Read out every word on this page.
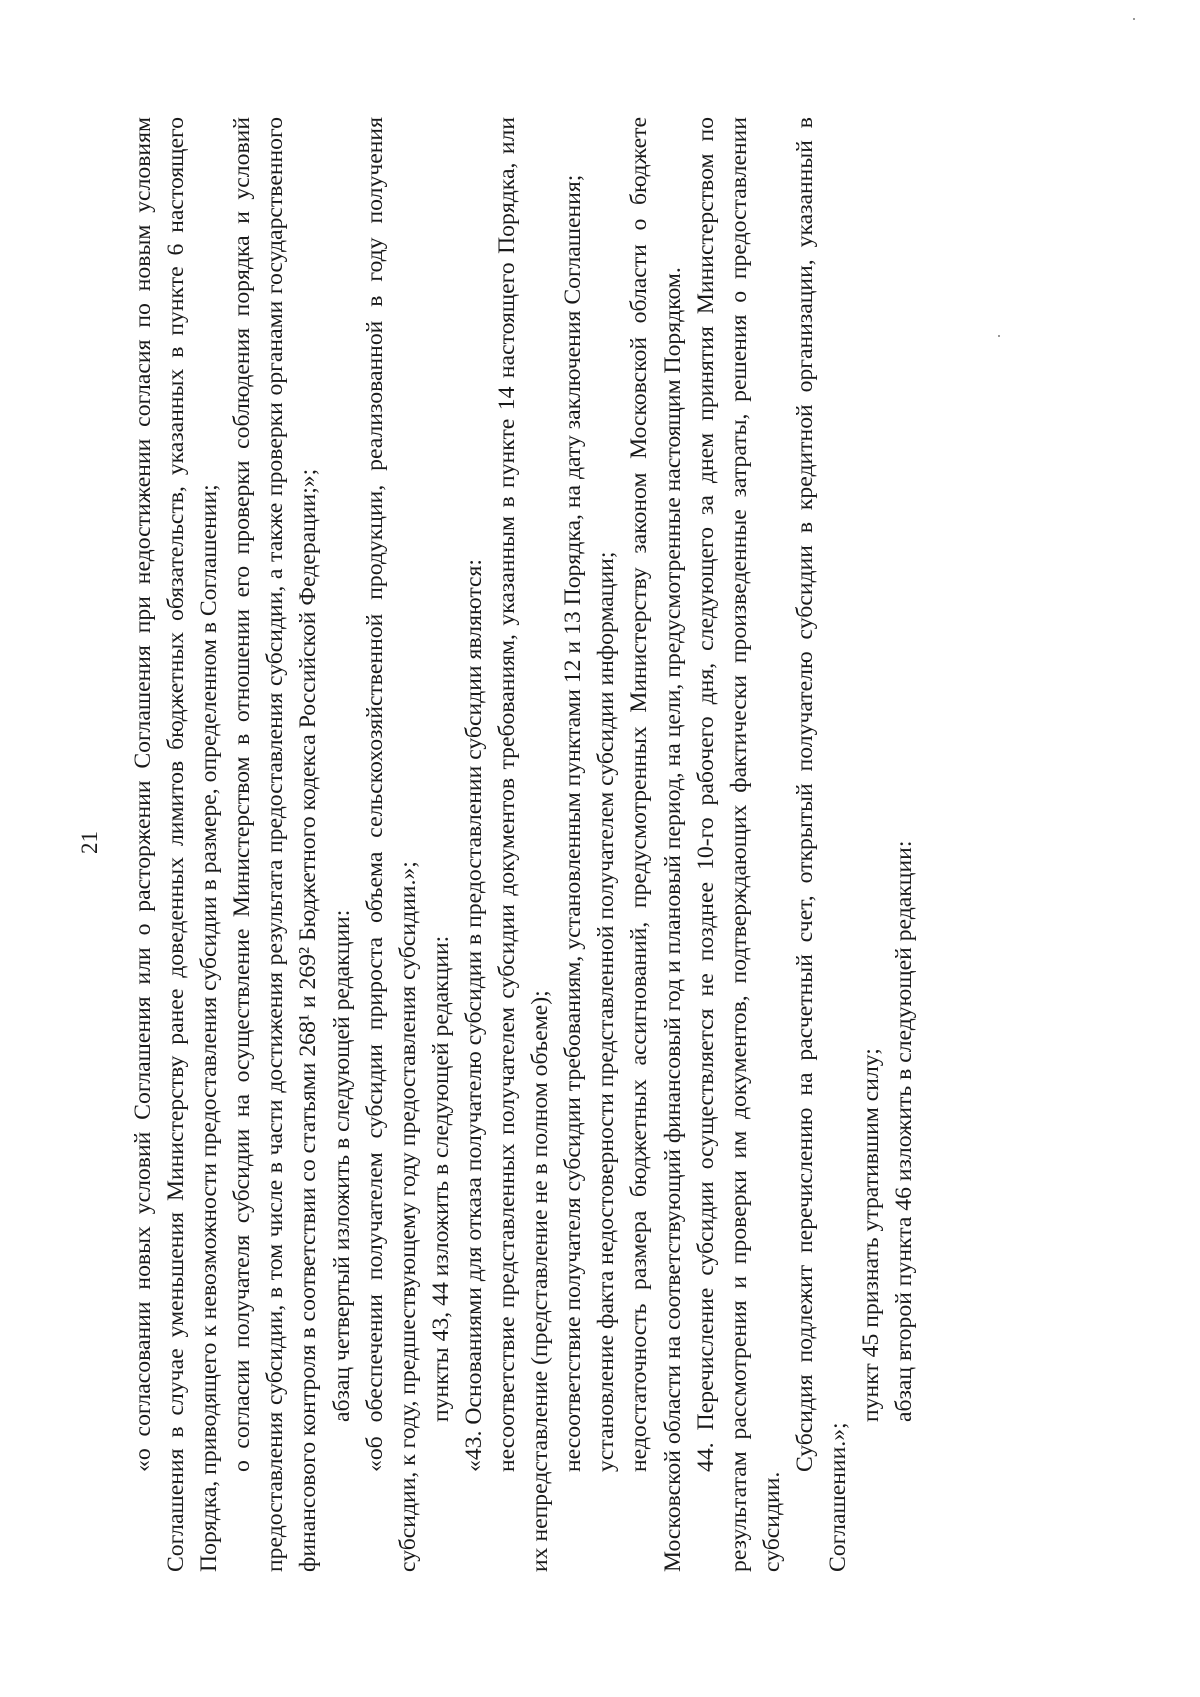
21 «о согласовании новых условий Соглашения или о расторжении Соглашения при недостижении согласия по новым условиям Соглашения в случае уменьшения Министерству ранее доведенных лимитов бюджетных обязательств, указанных в пункте 6 настоящего Порядка, приводящего к невозможности предоставления субсидии в размере, определенном в Соглашении; о согласии получателя субсидии на осуществление Министерством в отношении его проверки соблюдения порядка и условий предоставления субсидии, в том числе в части достижения результата предоставления субсидии, а также проверки органами государственного финансового контроля в соответствии со статьями 268¹ и 269² Бюджетного кодекса Российской Федерации;»; абзац четвертый изложить в следующей редакции: «об обеспечении получателем субсидии прироста объема сельскохозяйственной продукции, реализованной в году получения субсидии, к году, предшествующему году предоставления субсидии.»; пункты 43, 44 изложить в следующей редакции: «43. Основаниями для отказа получателю субсидии в предоставлении субсидии являются: несоответствие представленных получателем субсидии документов требованиям, указанным в пункте 14 настоящего Порядка, или их непредставление (представление не в полном объеме); несоответствие получателя субсидии требованиям, установленным пунктами 12 и 13 Порядка, на дату заключения Соглашения; установление факта недостоверности представленной получателем субсидии информации; недостаточность размера бюджетных ассигнований, предусмотренных Министерству законом Московской области о бюджете Московской области на соответствующий финансовый год и плановый период, на цели, предусмотренные настоящим Порядком. 44. Перечисление субсидии осуществляется не позднее 10-го рабочего дня, следующего за днем принятия Министерством по результатам рассмотрения и проверки им документов, подтверждающих фактически произведенные затраты, решения о предоставлении субсидии.

Субсидия подлежит перечислению на расчетный счет, открытый получателю субсидии в кредитной организации, указанный в Соглашении.»;

пункт 45 признать утратившим силу; абзац второй пункта 46 изложить в следующей редакции:
